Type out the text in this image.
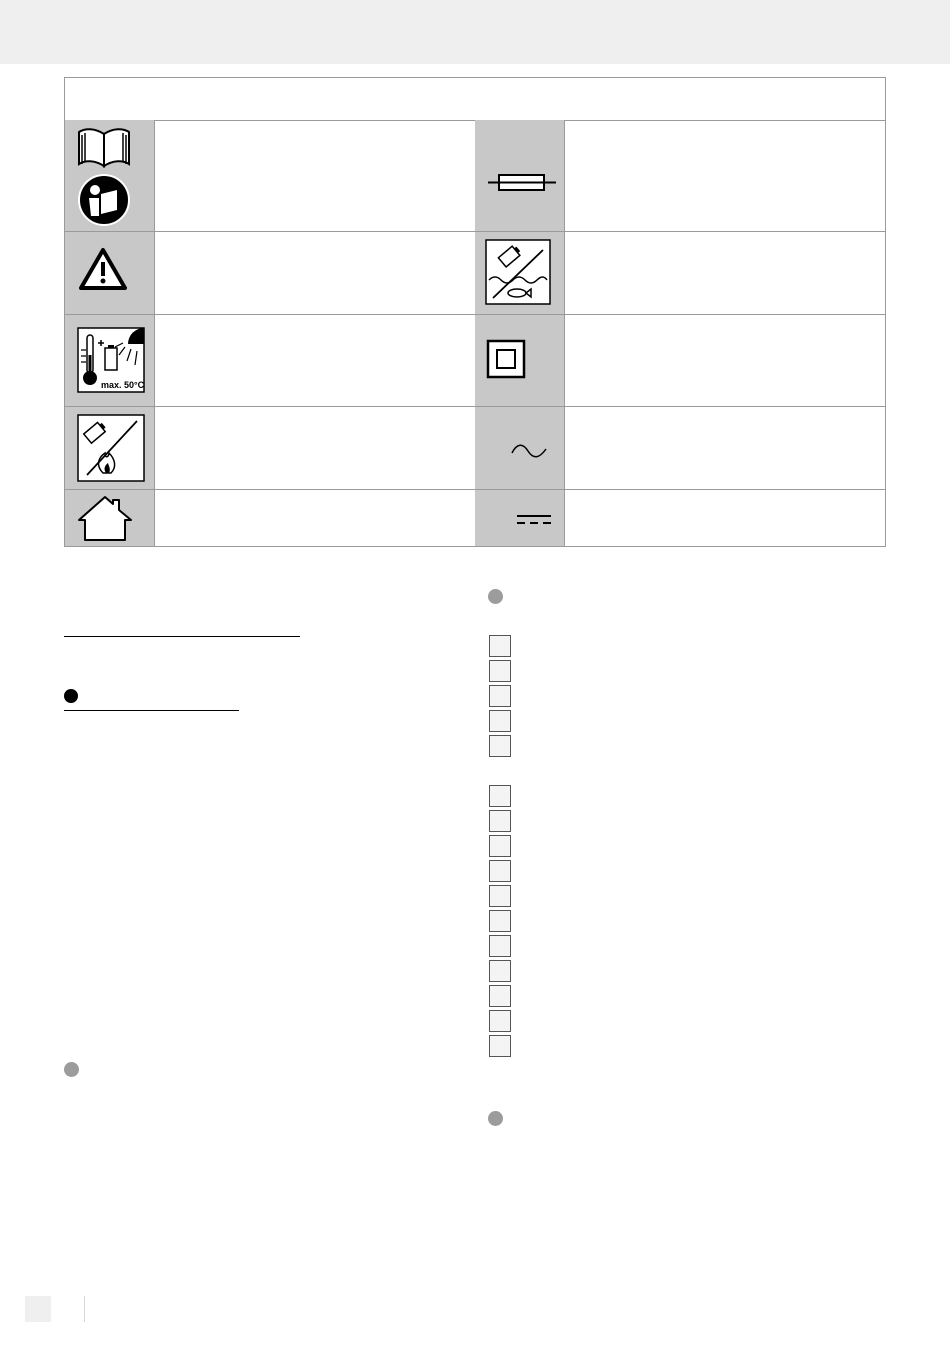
max. 50°C
